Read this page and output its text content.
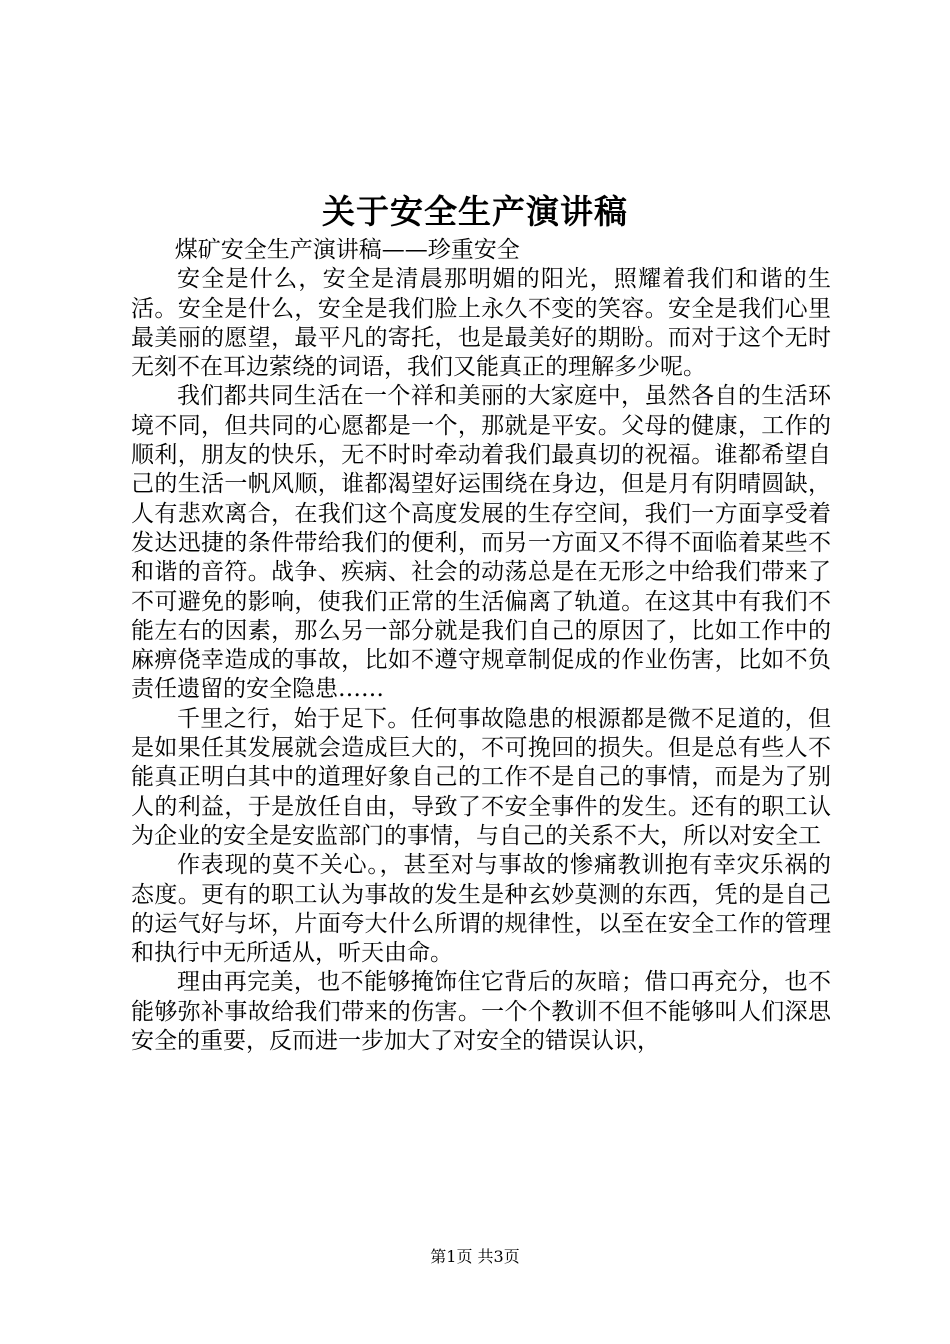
关于安全生产演讲稿

煤矿安全生产演讲稿——珍重安全

安全是什么，安全是清晨那明媚的阳光，照耀着我们和谐的生活。安全是什么，安全是我们脸上永久不变的笑容。安全是我们心里最美丽的愿望，最平凡的寄托，也是最美好的期盼。而对于这个无时无刻不在耳边萦绕的词语，我们又能真正的理解多少呢。

我们都共同生活在一个祥和美丽的大家庭中，虽然各自的生活环境不同，但共同的心愿都是一个，那就是平安。父母的健康，工作的顺利，朋友的快乐，无不时时牵动着我们最真切的祝福。谁都希望自己的生活一帆风顺，谁都渴望好运围绕在身边，但是月有阴晴圆缺，人有悲欢离合，在我们这个高度发展的生存空间，我们一方面享受着发达迅捷的条件带给我们的便利，而另一方面又不得不面临着某些不和谐的音符。战争、疾病、社会的动荡总是在无形之中给我们带来了不可避免的影响，使我们正常的生活偏离了轨道。在这其中有我们不能左右的因素，那么另一部分就是我们自己的原因了，比如工作中的麻痹侥幸造成的事故，比如不遵守规章制促成的作业伤害，比如不负责任遗留的安全隐患……

千里之行，始于足下。任何事故隐患的根源都是微不足道的，但是如果任其发展就会造成巨大的，不可挽回的损失。但是总有些人不能真正明白其中的道理好象自己的工作不是自己的事情，而是为了别人的利益，于是放任自由，导致了不安全事件的发生。还有的职工认为企业的安全是安监部门的事情，与自己的关系不大，所以对安全工

作表现的莫不关心。，甚至对与事故的惨痛教训抱有幸灾乐祸的态度。更有的职工认为事故的发生是种玄妙莫测的东西，凭的是自己的运气好与坏，片面夸大什么所谓的规律性，以至在安全工作的管理和执行中无所适从，听天由命。

理由再完美，也不能够掩饰住它背后的灰暗；借口再充分，也不能够弥补事故给我们带来的伤害。一个个教训不但不能够叫人们深思安全的重要，反而进一步加大了对安全的错误认识，

第1页 共3页
